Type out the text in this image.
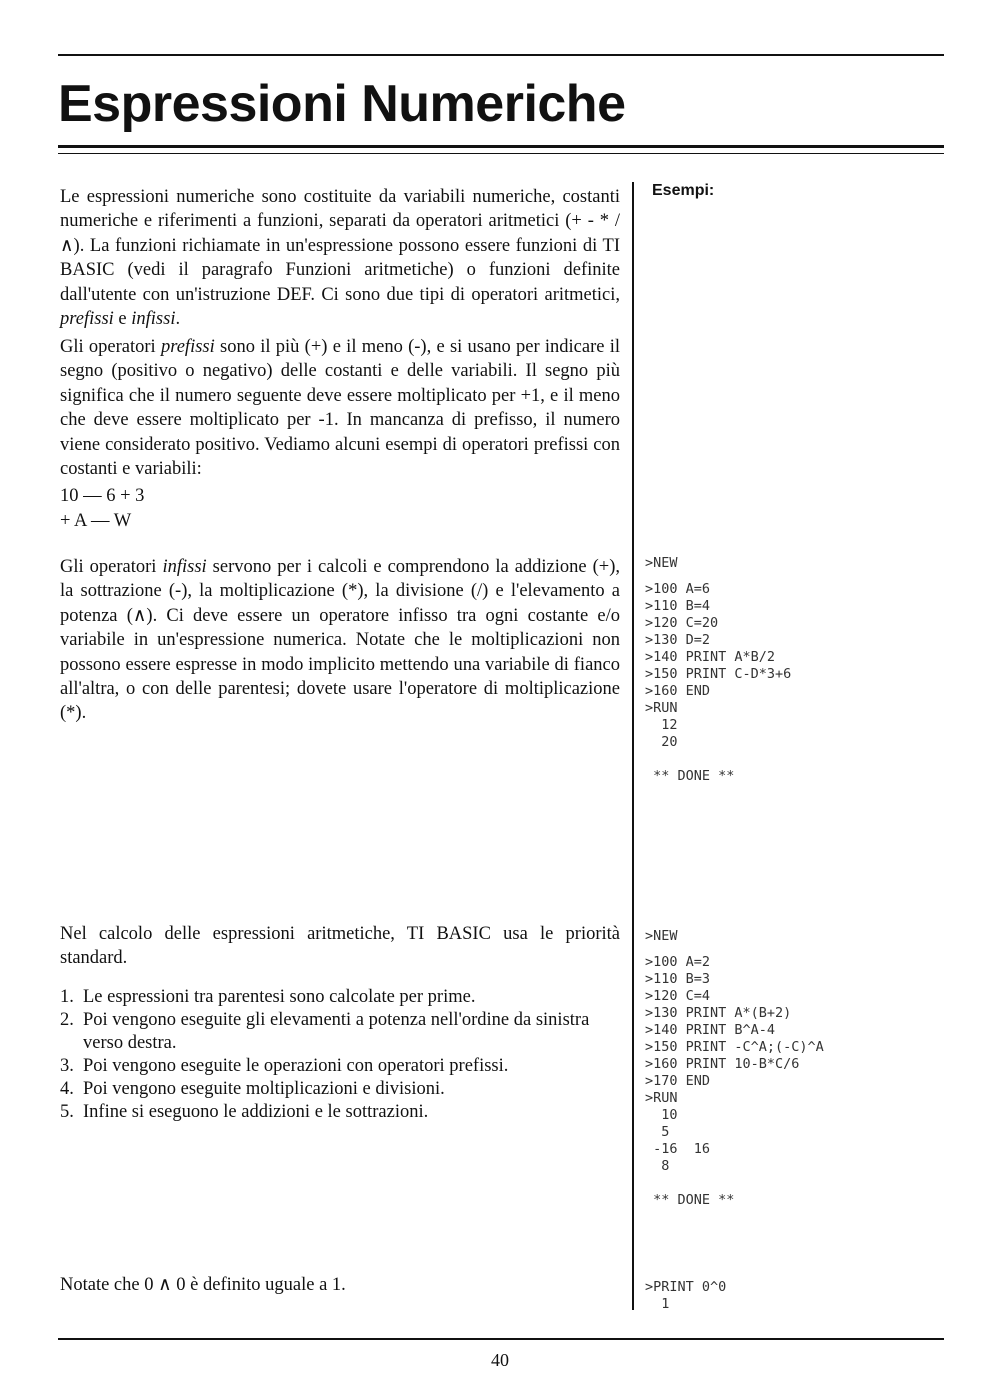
Espressioni Numeriche
Esempi:

Le espressioni numeriche sono costituite da variabili numeriche, costanti numeriche e riferimenti a funzioni, separati da operatori aritmetici (+ - * / ∧). La funzioni richiamate in un'espressione possono essere funzioni di TI BASIC (vedi il paragrafo Funzioni aritmetiche) o funzioni definite dall'utente con un'istruzione DEF. Ci sono due tipi di operatori aritmetici, prefissi e infissi.

Gli operatori prefissi sono il più (+) e il meno (-), e si usano per indicare il segno (positivo o negativo) delle costanti e delle variabili. Il segno più significa che il numero seguente deve essere moltiplicato per +1, e il meno che deve essere moltiplicato per -1. In mancanza di prefisso, il numero viene considerato positivo. Vediamo alcuni esempi di operatori prefissi con costanti e variabili:

10 — 6 + 3
+ A — W

Gli operatori infissi servono per i calcoli e comprendono la addizione (+), la sottrazione (-), la moltiplicazione (*), la divisione (/) e l'elevamento a potenza (∧). Ci deve essere un operatore infisso tra ogni costante e/o variabile in un'espressione numerica. Notate che le moltiplicazioni non possono essere espresse in modo implicito mettendo una variabile di fianco all'altra, o con delle parentesi; dovete usare l'operatore di moltiplicazione (*).

>NEW
>100 A=6
>110 B=4
>120 C=20
>130 D=2
>140 PRINT A*B/2
>150 PRINT C-D*3+6
>160 END
>RUN
12
20
** DONE **

Nel calcolo delle espressioni aritmetiche, TI BASIC usa le priorità standard.

1. Le espressioni tra parentesi sono calcolate per prime.
2. Poi vengono eseguite gli elevamenti a potenza nell'ordine da sinistra verso destra.
3. Poi vengono eseguite le operazioni con operatori prefissi.
4. Poi vengono eseguite moltiplicazioni e divisioni.
5. Infine si eseguono le addizioni e le sottrazioni.
>NEW
>100 A=2
>110 B=3
>120 C=4
>130 PRINT A*(B+2)
>140 PRINT B^A-4
>150 PRINT -C^A;(-C)^A
>160 PRINT 10-B*C/6
>170 END
>RUN
10
5
-16  16
8
** DONE **

Notate che 0 ∧ 0 è definito uguale a 1.	>PRINT 0^0
1
40
